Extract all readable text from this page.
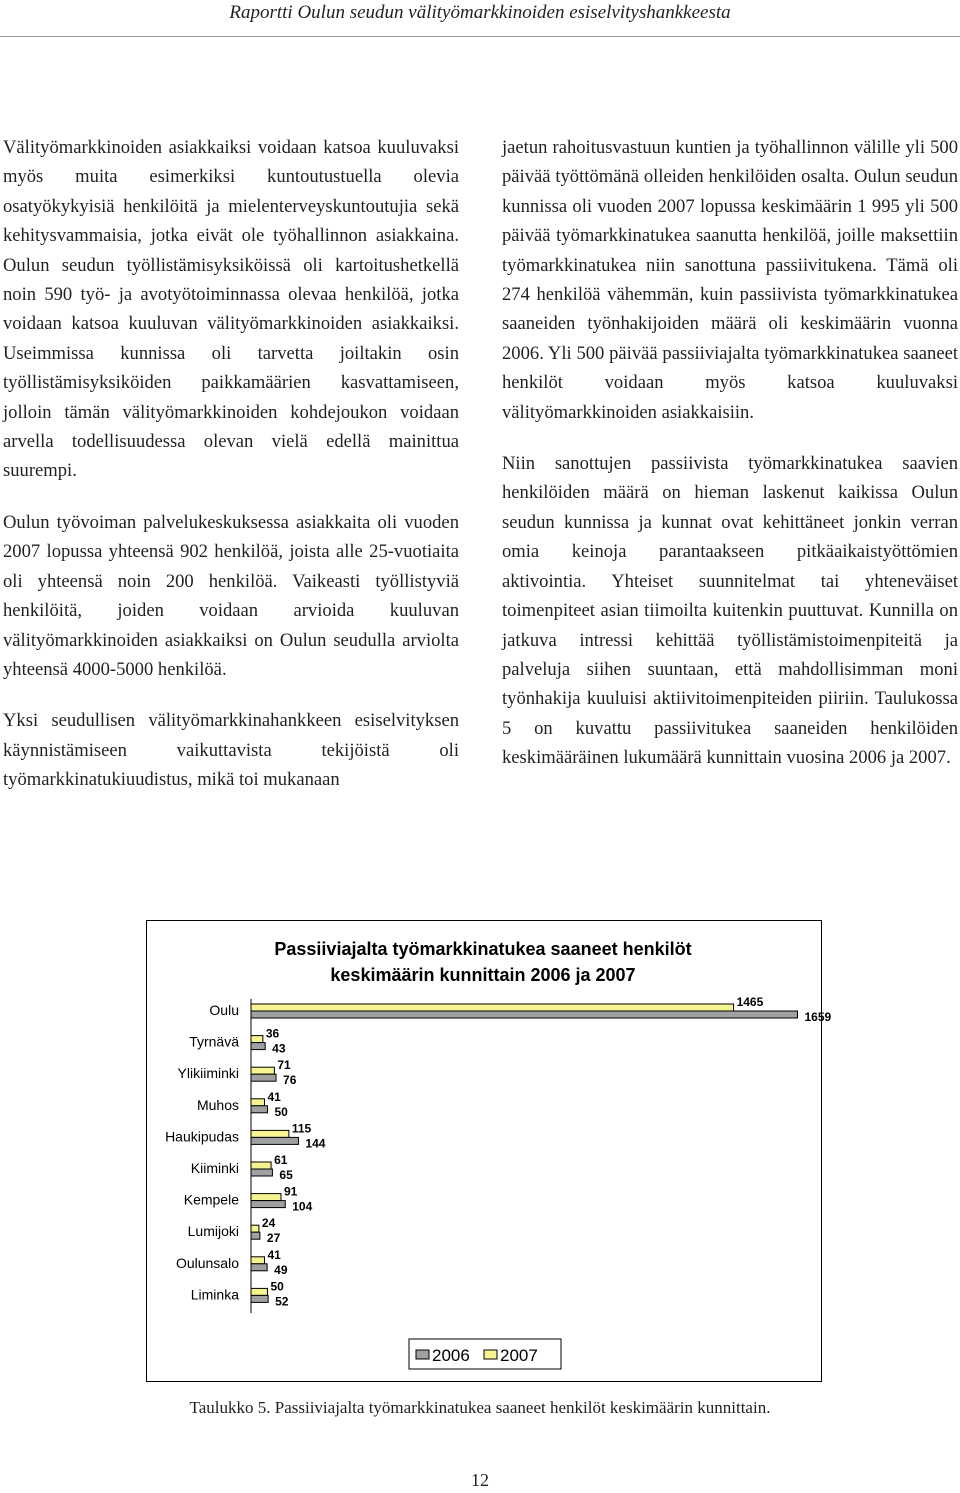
Raportti Oulun seudun välityömarkkinoiden esiselvityshankkeesta

Välityömarkkinoiden asiakkaiksi voidaan katsoa kuuluvaksi myös muita esimerkiksi kuntoutustuella olevia osatyökykyisiä henkilöitä ja mielenterveyskuntoutujia sekä kehitysvammaisia, jotka eivät ole työhallinnon asiakkaina. Oulun seudun työllistämisyksiköissä oli kartoitushetkellä noin 590 työ- ja avotyötoiminnassa olevaa henkilöä, jotka voidaan katsoa kuuluvan välityömarkkinoiden asiakkaiksi. Useimmissa kunnissa oli tarvetta joiltakin osin työllistämisyksiköiden paikkamäärien kasvattamiseen, jolloin tämän välityömarkkinoiden kohdejoukon voidaan arvella todellisuudessa olevan vielä edellä mainittua suurempi.

Oulun työvoiman palvelukeskuksessa asiakkaita oli vuoden 2007 lopussa yhteensä 902 henkilöä, joista alle 25-vuotiaita oli yhteensä noin 200 henkilöä. Vaikeasti työllistyviä henkilöitä, joiden voidaan arvioida kuuluvan välityömarkkinoiden asiakkaiksi on Oulun seudulla arviolta yhteensä 4000-5000 henkilöä.

Yksi seudullisen välityömarkkinahankkeen esiselvityksen käynnistämiseen vaikuttavista tekijöistä oli työmarkkinatukiuudistus, mikä toi mukanaan

jaetun rahoitusvastuun kuntien ja työhallinnon välille yli 500 päivää työttömänä olleiden henkilöiden osalta. Oulun seudun kunnissa oli vuoden 2007 lopussa keskimäärin 1 995 yli 500 päivää työmarkkinatukea saanutta henkilöä, joille maksettiin työmarkkinatukea niin sanottuna passiivitukena. Tämä oli 274 henkilöä vähemmän, kuin passiivista työmarkkinatukea saaneiden työnhakijoiden määrä oli keskimäärin vuonna 2006. Yli 500 päivää passiiviajalta työmarkkinatukea saaneet henkilöt voidaan myös katsoa kuuluvaksi välityömarkkinoiden asiakkaisiin.

Niin sanottujen passiivista työmarkkinatukea saavien henkilöiden määrä on hieman laskenut kaikissa Oulun seudun kunnissa ja kunnat ovat kehittäneet jonkin verran omia keinoja parantaakseen pitkäaikaistyöttömien aktivointia. Yhteiset suunnitelmat tai yhteneväiset toimenpiteet asian tiimoilta kuitenkin puuttuvat. Kunnilla on jatkuva intressi kehittää työllistämistoimenpiteitä ja palveluja siihen suuntaan, että mahdollisimman moni työnhakija kuuluisi aktiivitoimenpiteiden piiriin. Taulukossa 5 on kuvattu passiivitukea saaneiden henkilöiden keskimääräinen lukumäärä kunnittain vuosina 2006 ja 2007.

Passiiviajalta työmarkkinatukea saaneet henkilöt
keskimäärin kunnittain 2006 ja 2007
Oulu	1465
1659
Tyrnävä 36
43
Ylikiiminki	71
76
Muhos 41
50
Haukipudas	115
144
Kiiminki	61
65
Kempele	91
104
Lumijoki 24
27
Oulunsalo 41
49
Liminka	50
52
2006 2007
Taulukko 5. Passiiviajalta työmarkkinatukea saaneet henkilöt keskimäärin kunnittain.
12
